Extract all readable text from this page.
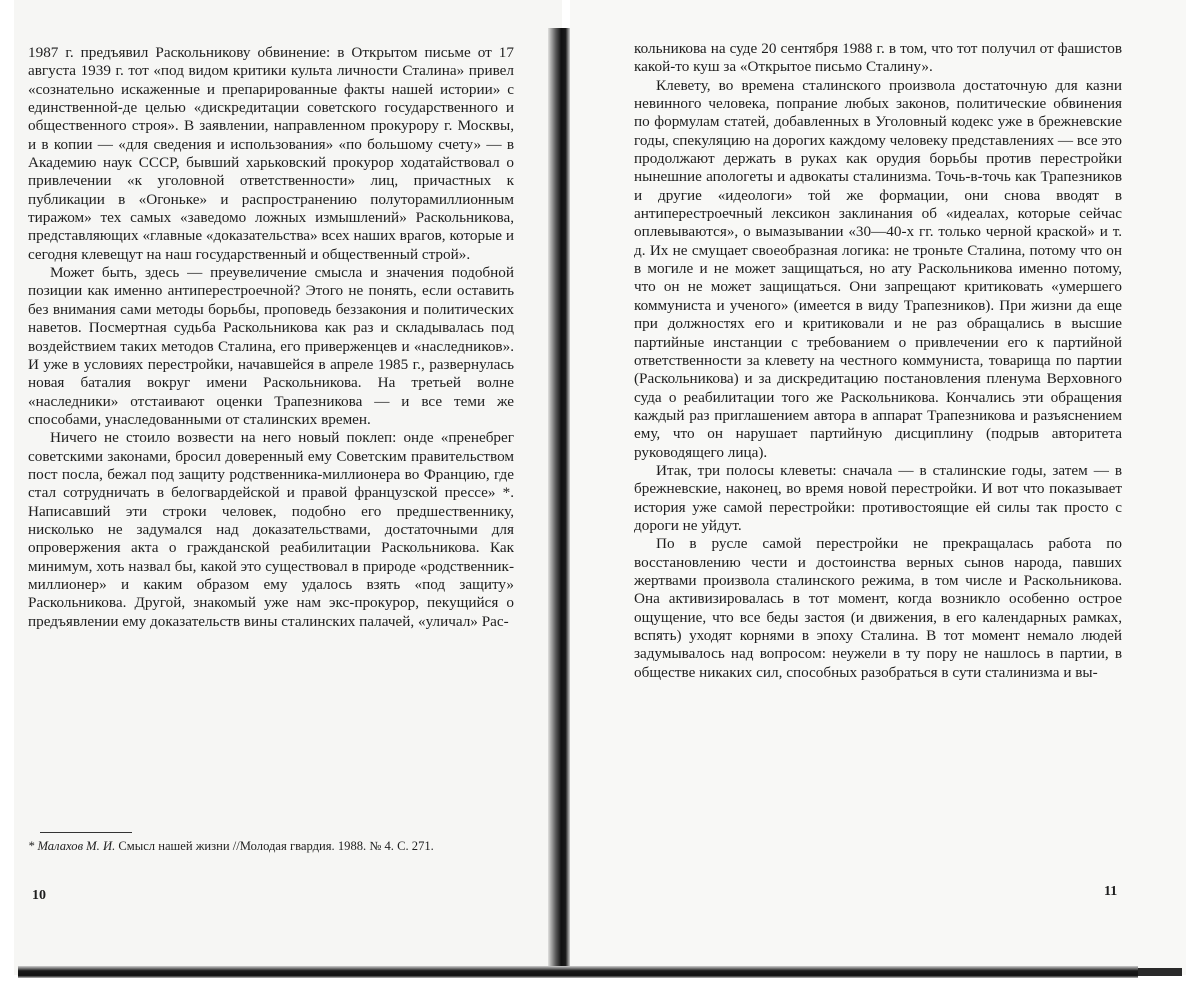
1987 г. предъявил Раскольникову обвинение: в Открытом письме от 17 августа 1939 г. тот «под видом критики культа личности Сталина» привел «сознательно искаженные и препарированные факты нашей истории» с единственной-де целью «дискредитации советского государственного и общественного строя». В заявлении, направленном прокурору г. Москвы, и в копии — «для сведения и использования» «по большому счету» — в Академию наук СССР, бывший харьковский прокурор ходатайствовал о привлечении «к уголовной ответственности» лиц, причастных к публикации в «Огоньке» и распространению полуторамиллионным тиражом» тех самых «заведомо ложных измышлений» Раскольникова, представляющих «главные «доказательства» всех наших врагов, которые и сегодня клевещут на наш государственный и общественный строй».

Может быть, здесь — преувеличение смысла и значения подобной позиции как именно антиперестроечной? Этого не понять, если оставить без внимания сами методы борьбы, проповедь беззакония и политических наветов. Посмертная судьба Раскольникова как раз и складывалась под воздействием таких методов Сталина, его приверженцев и «наследников». И уже в условиях перестройки, начавшейся в апреле 1985 г., развернулась новая баталия вокруг имени Раскольникова. На третьей волне «наследники» отстаивают оценки Трапезникова — и все теми же способами, унаследованными от сталинских времен.

Ничего не стоило возвести на него новый поклеп: онде «пренебрег советскими законами, бросил доверенный ему Советским правительством пост посла, бежал под защиту родственника-миллионера во Францию, где стал сотрудничать в белогвардейской и правой французской прессе» *. Написавший эти строки человек, подобно его предшественнику, нисколько не задумался над доказательствами, достаточными для опровержения акта о гражданской реабилитации Раскольникова. Как минимум, хоть назвал бы, какой это существовал в природе «родственник-миллионер» и каким образом ему удалось взять «под защиту» Раскольникова. Другой, знакомый уже нам экс-прокурор, пекущийся о предъявлении ему доказательств вины сталинских палачей, «уличал» Рас-

* Малахов М. И. Смысл нашей жизни //Молодая гвардия. 1988. № 4. С. 271.
10

кольникова на суде 20 сентября 1988 г. в том, что тот получил от фашистов какой-то куш за «Открытое письмо Сталину».

Клевету, во времена сталинского произвола достаточную для казни невинного человека, попрание любых законов, политические обвинения по формулам статей, добавленных в Уголовный кодекс уже в брежневские годы, спекуляцию на дорогих каждому человеку представлениях — все это продолжают держать в руках как орудия борьбы против перестройки нынешние апологеты и адвокаты сталинизма. Точь-в-точь как Трапезников и другие «идеологи» той же формации, они снова вводят в антиперестроечный лексикон заклинания об «идеалах, которые сейчас оплевываются», о вымазывании «30—40-х гг. только черной краской» и т. д. Их не смущает своеобразная логика: не троньте Сталина, потому что он в могиле и не может защищаться, но ату Раскольникова именно потому, что он не может защищаться. Они запрещают критиковать «умершего коммуниста и ученого» (имеется в виду Трапезников). При жизни да еще при должностях его и критиковали и не раз обращались в высшие партийные инстанции с требованием о привлечении его к партийной ответственности за клевету на честного коммуниста, товарища по партии (Раскольникова) и за дискредитацию постановления пленума Верховного суда о реабилитации того же Раскольникова. Кончались эти обращения каждый раз приглашением автора в аппарат Трапезникова и разъяснением ему, что он нарушает партийную дисциплину (подрыв авторитета руководящего лица).

Итак, три полосы клеветы: сначала — в сталинские годы, затем — в брежневские, наконец, во время новой перестройки. И вот что показывает история уже самой перестройки: противостоящие ей силы так просто с дороги не уйдут.

По в русле самой перестройки не прекращалась работа по восстановлению чести и достоинства верных сынов народа, павших жертвами произвола сталинского режима, в том числе и Раскольникова. Она активизировалась в тот момент, когда возникло особенно острое ощущение, что все беды застоя (и движения, в его календарных рамках, вспять) уходят корнями в эпоху Сталина. В тот момент немало людей задумывалось над вопросом: неужели в ту пору не нашлось в партии, в обществе никаких сил, способных разобраться в сути сталинизма и вы-

11
